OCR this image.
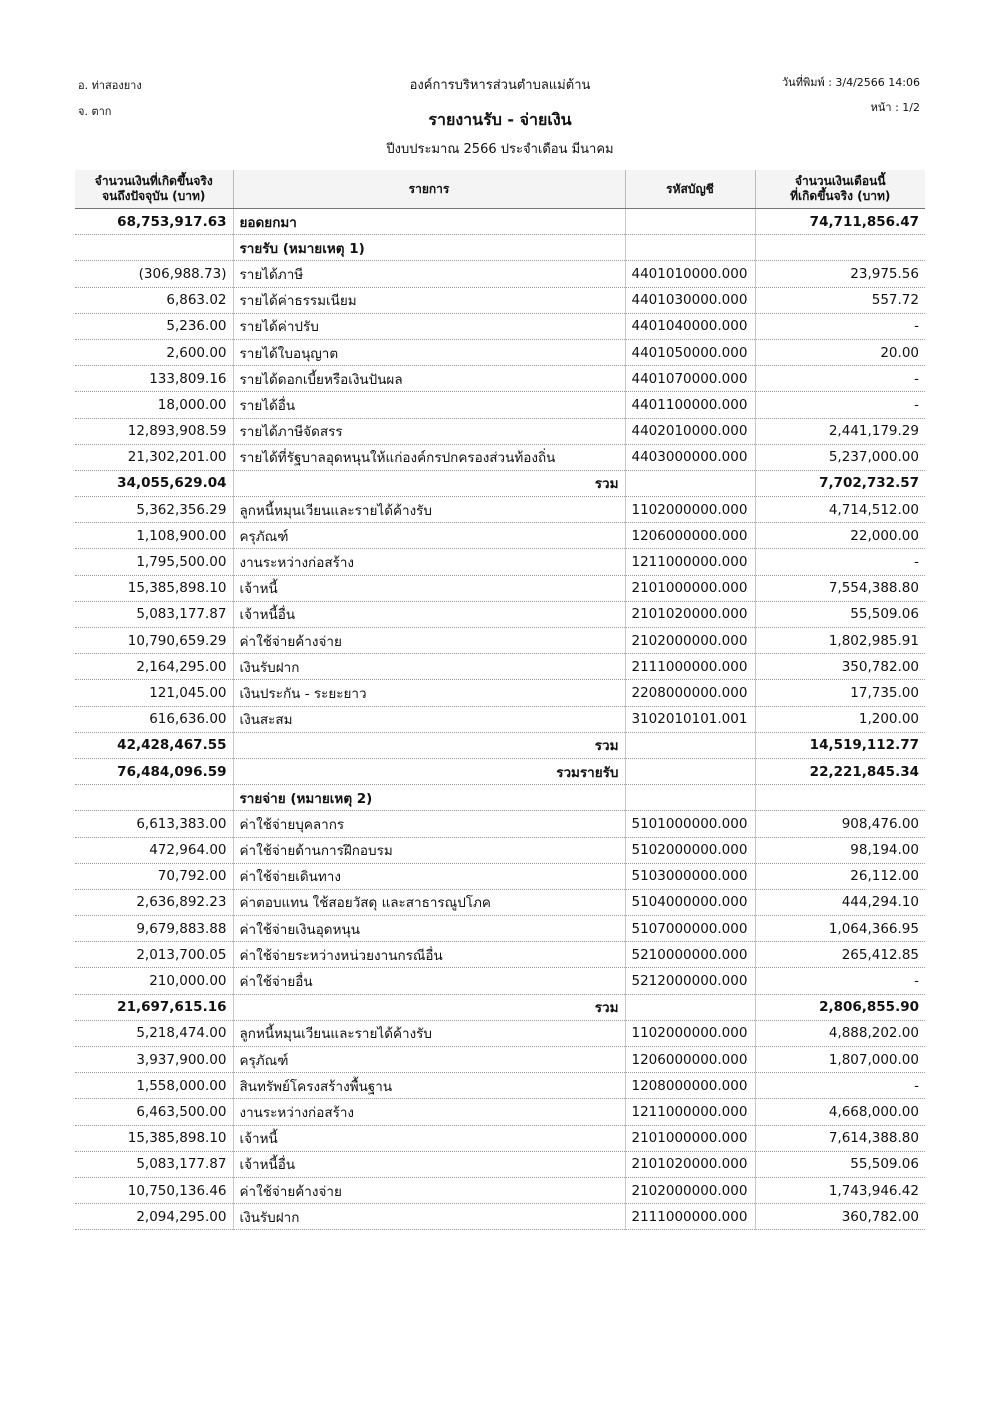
อ. ท่าสองยาง
จ. ตาก
องค์การบริหารส่วนตำบลแม่ต้าน	วันที่พิมพ์ : 3/4/2566 14:06
หน้า : 1/2
รายงานรับ - จ่ายเงิน
ปีงบประมาณ 2566 ประจำเดือน มีนาคม
จำนวนเงินที่เกิดขึ้นจริง
จนถึงปัจจุบัน (บาท)	รายการ	รหัสบัญชี	จำนวนเงินเดือนนี้
ที่เกิดขึ้นจริง (บาท)
68,753,917.63	ยอดยกมา		74,711,856.47
	รายรับ (หมายเหตุ 1)		
(306,988.73)	รายได้ภาษี	4401010000.000	23,975.56
6,863.02	รายได้ค่าธรรมเนียม	4401030000.000	557.72
5,236.00	รายได้ค่าปรับ	4401040000.000	-
2,600.00	รายได้ใบอนุญาต	4401050000.000	20.00
133,809.16	รายได้ดอกเบี้ยหรือเงินปันผล	4401070000.000	-
18,000.00	รายได้อื่น	4401100000.000	-
12,893,908.59	รายได้ภาษีจัดสรร	4402010000.000	2,441,179.29
21,302,201.00	รายได้ที่รัฐบาลอุดหนุนให้แก่องค์กรปกครองส่วนท้องถิ่น	4403000000.000	5,237,000.00
34,055,629.04	รวม		7,702,732.57
5,362,356.29	ลูกหนี้หมุนเวียนและรายได้ค้างรับ	1102000000.000	4,714,512.00
1,108,900.00	ครุภัณฑ์	1206000000.000	22,000.00
1,795,500.00	งานระหว่างก่อสร้าง	1211000000.000	-
15,385,898.10	เจ้าหนี้	2101000000.000	7,554,388.80
5,083,177.87	เจ้าหนี้อื่น	2101020000.000	55,509.06
10,790,659.29	ค่าใช้จ่ายค้างจ่าย	2102000000.000	1,802,985.91
2,164,295.00	เงินรับฝาก	2111000000.000	350,782.00
121,045.00	เงินประกัน - ระยะยาว	2208000000.000	17,735.00
616,636.00	เงินสะสม	3102010101.001	1,200.00
42,428,467.55	รวม		14,519,112.77
76,484,096.59	รวมรายรับ		22,221,845.34
	รายจ่าย (หมายเหตุ 2)		
6,613,383.00	ค่าใช้จ่ายบุคลากร	5101000000.000	908,476.00
472,964.00	ค่าใช้จ่ายด้านการฝึกอบรม	5102000000.000	98,194.00
70,792.00	ค่าใช้จ่ายเดินทาง	5103000000.000	26,112.00
2,636,892.23	ค่าตอบแทน ใช้สอยวัสดุ และสาธารณูปโภค	5104000000.000	444,294.10
9,679,883.88	ค่าใช้จ่ายเงินอุดหนุน	5107000000.000	1,064,366.95
2,013,700.05	ค่าใช้จ่ายระหว่างหน่วยงานกรณีอื่น	5210000000.000	265,412.85
210,000.00	ค่าใช้จ่ายอื่น	5212000000.000	-
21,697,615.16	รวม		2,806,855.90
5,218,474.00	ลูกหนี้หมุนเวียนและรายได้ค้างรับ	1102000000.000	4,888,202.00
3,937,900.00	ครุภัณฑ์	1206000000.000	1,807,000.00
1,558,000.00	สินทรัพย์โครงสร้างพื้นฐาน	1208000000.000	-
6,463,500.00	งานระหว่างก่อสร้าง	1211000000.000	4,668,000.00
15,385,898.10	เจ้าหนี้	2101000000.000	7,614,388.80
5,083,177.87	เจ้าหนี้อื่น	2101020000.000	55,509.06
10,750,136.46	ค่าใช้จ่ายค้างจ่าย	2102000000.000	1,743,946.42
2,094,295.00	เงินรับฝาก	2111000000.000	360,782.00
